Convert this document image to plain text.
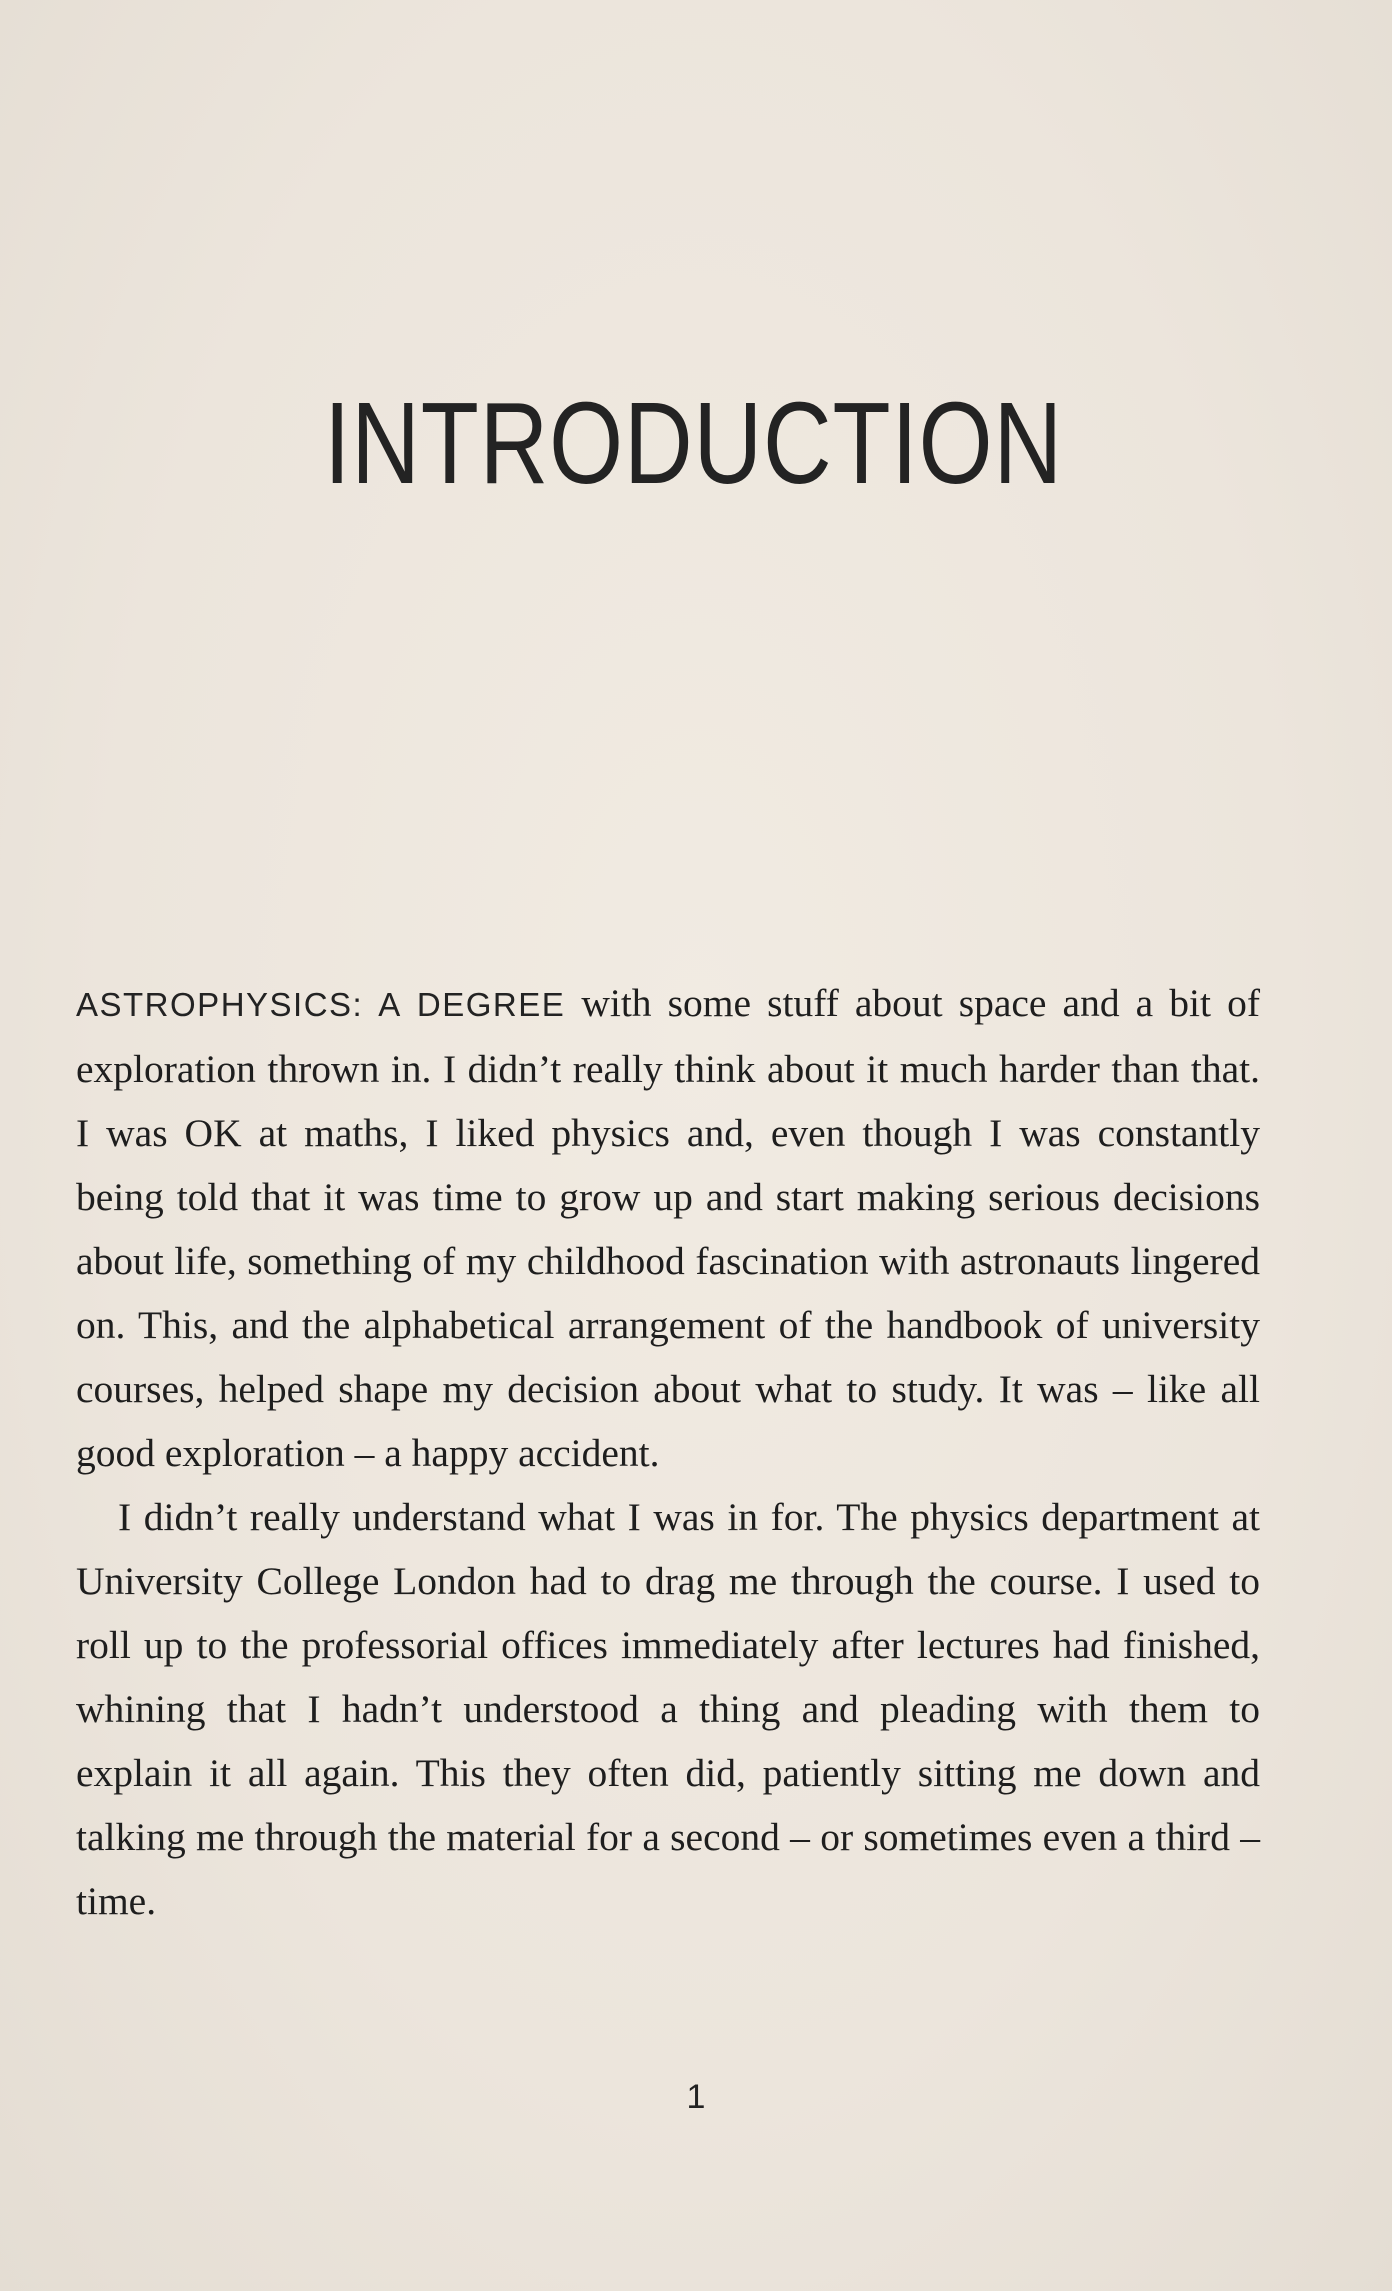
INTRODUCTION

ASTROPHYSICS: A DEGREE with some stuff about space and a bit of exploration thrown in. I didn’t really think about it much harder than that. I was OK at maths, I liked physics and, even though I was constantly being told that it was time to grow up and start making serious decisions about life, something of my childhood fascination with astronauts lingered on. This, and the alphabetical arrangement of the handbook of university courses, helped shape my decision about what to study. It was – like all good exploration – a happy accident.

I didn’t really understand what I was in for. The physics department at University College London had to drag me through the course. I used to roll up to the professorial offices immediately after lectures had finished, whining that I hadn’t understood a thing and pleading with them to explain it all again. This they often did, patiently sitting me down and talking me through the material for a second – or sometimes even a third – time.

1
